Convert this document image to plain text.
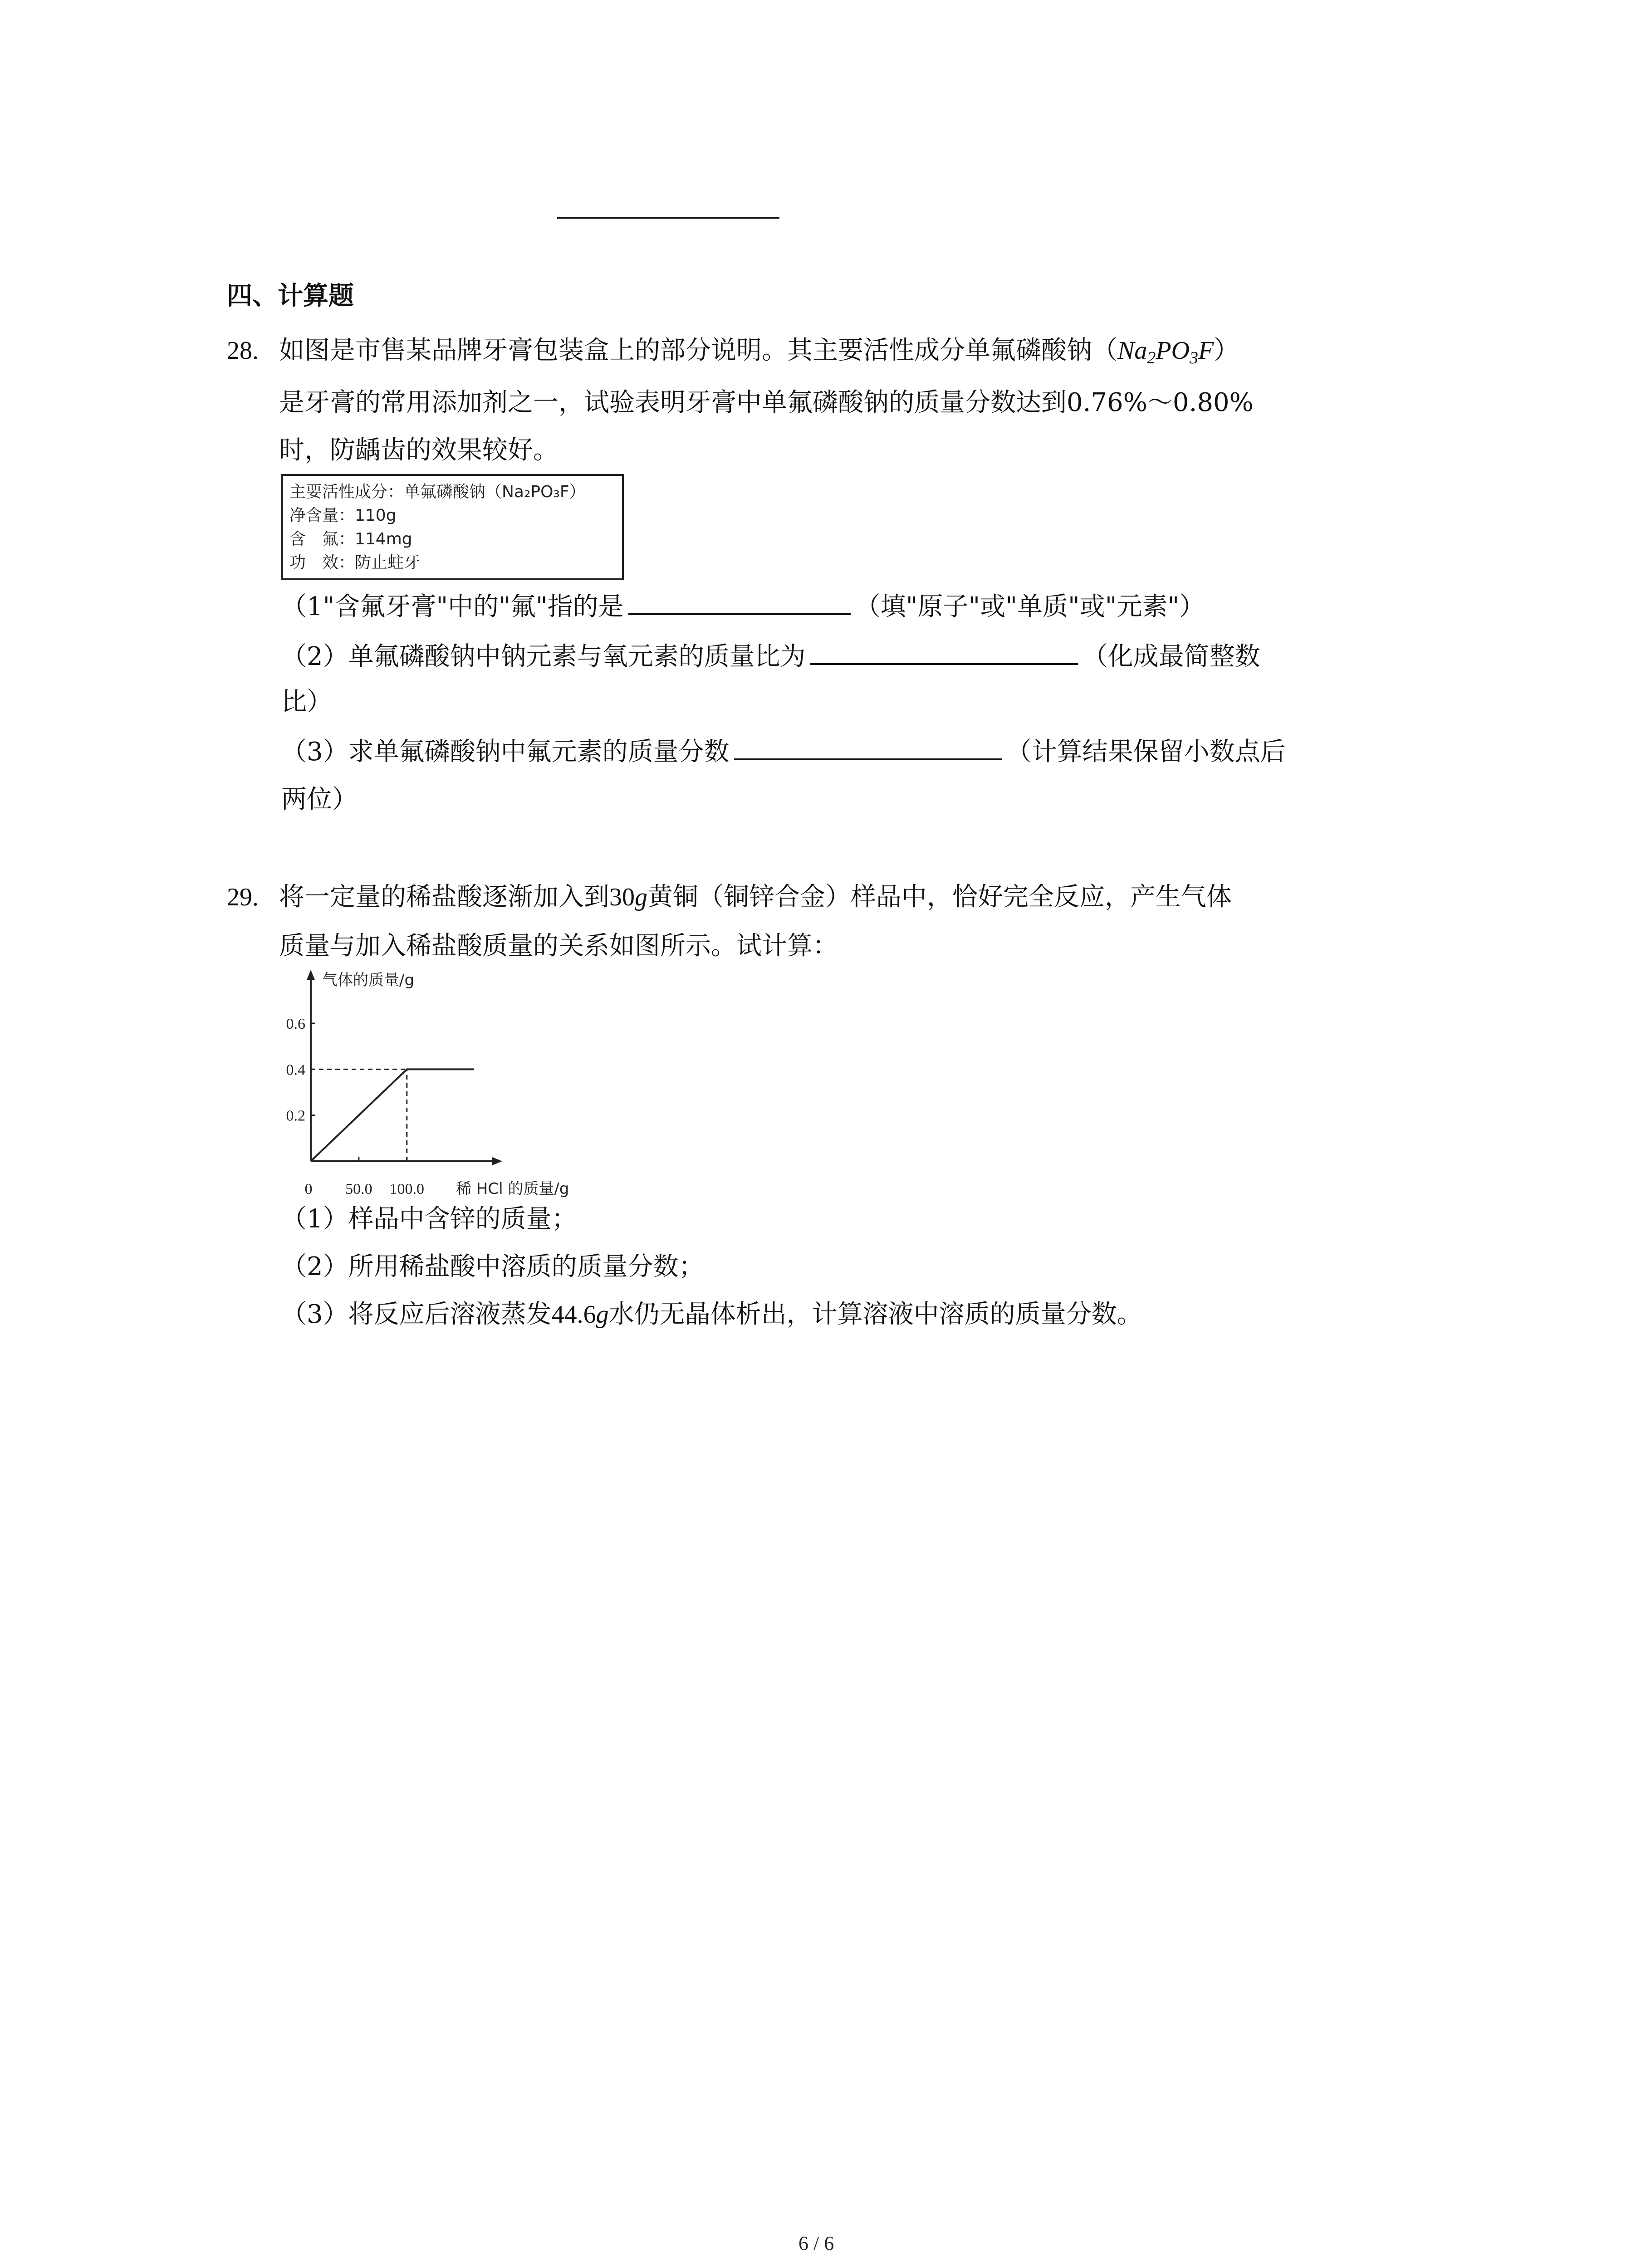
四、计算题
28. 如图是市售某品牌牙膏包装盒上的部分说明。其主要活性成分单氟磷酸钠$(Na_2PO_3F)$
是牙膏的常用添加剂之一，试验表明牙膏中单氟磷酸钠的质量分数达到0.76%～0.80%
时，防龋齿的效果较好。
主要活性成分：单氟磷酸钠（Na₂PO₃F）
净含量：110g
含　氟：114mg
功　效：防止蛀牙
（1"含氟牙膏"中的"氟"指的是	（填"原子"或"单质"或"元素"）
（2）单氟磷酸钠中钠元素与氧元素的质量比为	（化成最简整数
比）
（3）求单氟磷酸钠中氟元素的质量分数	（计算结果保留小数点后
两位）
29. 将一定量的稀盐酸逐渐加入到30g黄铜（铜锌合金）样品中，恰好完全反应，产生气体
质量与加入稀盐酸质量的关系如图所示。试计算：
气体的质量/g
稀 HCl 的质量/g
0.2
0.4
0.6
0 50.0 100.0
（1）样品中含锌的质量；
（2）所用稀盐酸中溶质的质量分数；
（3）将反应后溶液蒸发44.6g水仍无晶体析出，计算溶液中溶质的质量分数。
6 / 6
